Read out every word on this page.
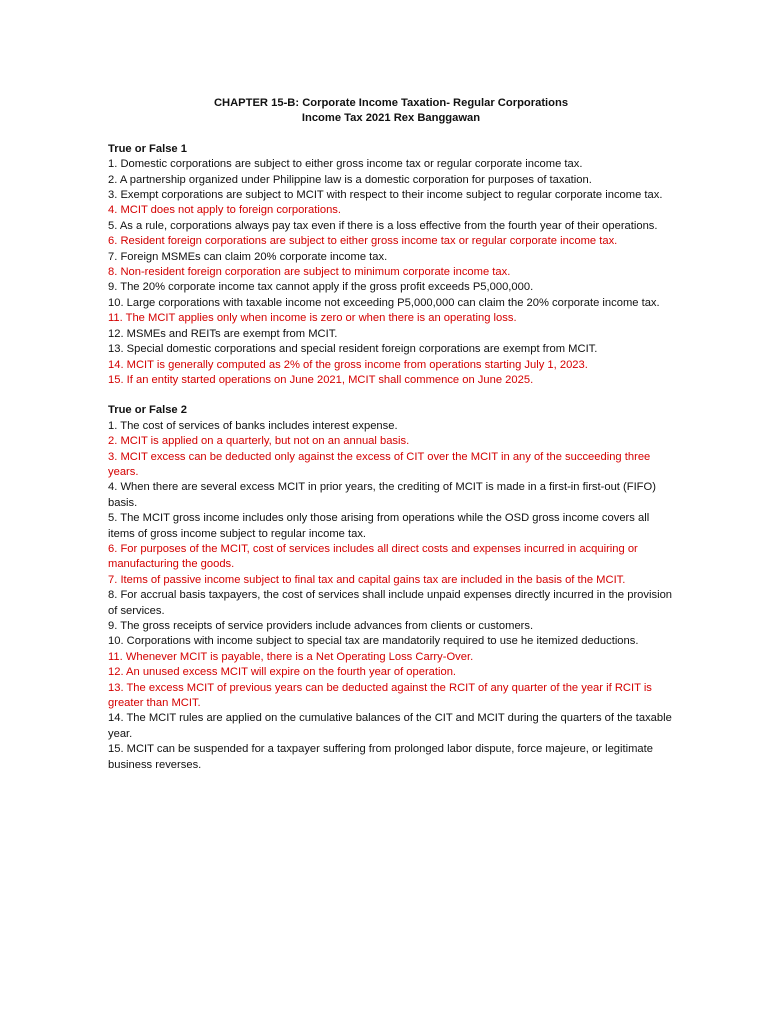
CHAPTER 15-B: Corporate Income Taxation- Regular Corporations

Income Tax 2021 Rex Banggawan

True or False 1

1. Domestic corporations are subject to either gross income tax or regular corporate income tax.

2. A partnership organized under Philippine law is a domestic corporation for purposes of taxation.

3. Exempt corporations are subject to MCIT with respect to their income subject to regular corporate income tax.

4. MCIT does not apply to foreign corporations.

5. As a rule, corporations always pay tax even if there is a loss effective from the fourth year of their operations.

6. Resident foreign corporations are subject to either gross income tax or regular corporate income tax.

7. Foreign MSMEs can claim 20% corporate income tax.

8. Non-resident foreign corporation are subject to minimum corporate income tax.

9. The 20% corporate income tax cannot apply if the gross profit exceeds P5,000,000.

10. Large corporations with taxable income not exceeding P5,000,000 can claim the 20% corporate income tax.

11. The MCIT applies only when income is zero or when there is an operating loss.

12. MSMEs and REITs are exempt from MCIT.

13. Special domestic corporations and special resident foreign corporations are exempt from MCIT.

14. MCIT is generally computed as 2% of the gross income from operations starting July 1, 2023.

15. If an entity started operations on June 2021, MCIT shall commence on June 2025.

True or False 2

1. The cost of services of banks includes interest expense.

2. MCIT is applied on a quarterly, but not on an annual basis.

3. MCIT excess can be deducted only against the excess of CIT over the MCIT in any of the succeeding three years.

4. When there are several excess MCIT in prior years, the crediting of MCIT is made in a first-in first-out (FIFO) basis.

5. The MCIT gross income includes only those arising from operations while the OSD gross income covers all items of gross income subject to regular income tax.

6. For purposes of the MCIT, cost of services includes all direct costs and expenses incurred in acquiring or manufacturing the goods.

7. Items of passive income subject to final tax and capital gains tax are included in the basis of the MCIT.

8. For accrual basis taxpayers, the cost of services shall include unpaid expenses directly incurred in the provision of services.

9. The gross receipts of service providers include advances from clients or customers.

10. Corporations with income subject to special tax are mandatorily required to use he itemized deductions.

11. Whenever MCIT is payable, there is a Net Operating Loss Carry-Over.

12. An unused excess MCIT will expire on the fourth year of operation.

13. The excess MCIT of previous years can be deducted against the RCIT of any quarter of the year if RCIT is greater than MCIT.

14. The MCIT rules are applied on the cumulative balances of the CIT and MCIT during the quarters of the taxable year.

15. MCIT can be suspended for a taxpayer suffering from prolonged labor dispute, force majeure, or legitimate business reverses.
